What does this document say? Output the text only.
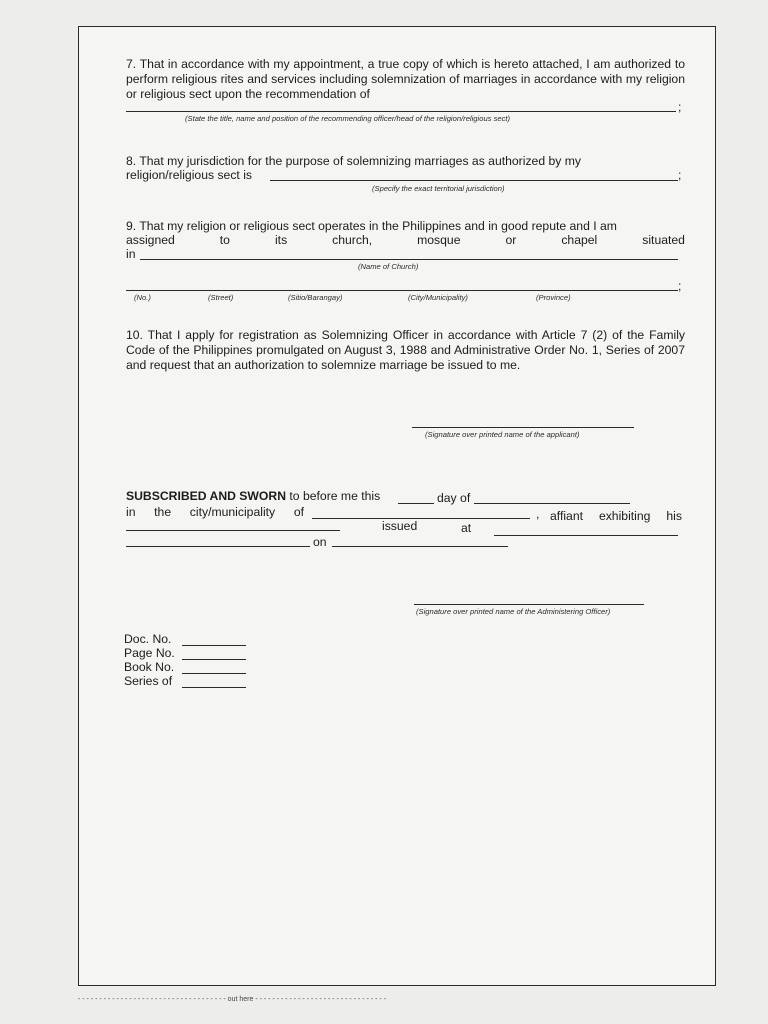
7. That in accordance with my appointment, a true copy of which is hereto attached, I am authorized to perform religious rites and services including solemnization of marriages in accordance with my religion or religious sect upon the recommendation of

;
(State the title, name and position of the recommending officer/head of the religion/religious sect)
8. That my jurisdiction for the purpose of solemnizing marriages as authorized by my
religion/religious sect is	;
(Specify the exact territorial jurisdiction)
9. That my religion or religious sect operates in the Philippines and in good repute and I am
assigned	to	its	church,	mosque	or	chapel	situated
in
(Name of Church)
;
(No.)	(Street)	(Sitio/Barangay)	(City/Municipality)	(Province)

10. That I apply for registration as Solemnizing Officer in accordance with Article 7 (2) of the Family Code of the Philippines promulgated on August 3, 1988 and Administrative Order No. 1, Series of 2007 and request that an authorization to solemnize marriage be issued to me.

(Signature over printed name of the applicant)
SUBSCRIBED AND SWORN to before me this	day of
in the city/municipality of	, affiant exhibiting his
issued	at
on
(Signature over printed name of the Administering Officer)
Doc. No.
Page No.
Book No.
Series of
- - - - - - - - - - - - - - - - - - - - - - - - - - - - - - - - - - - out here - - - - - - - - - - - - - - - - - - - - - - - - - - - - - - -
